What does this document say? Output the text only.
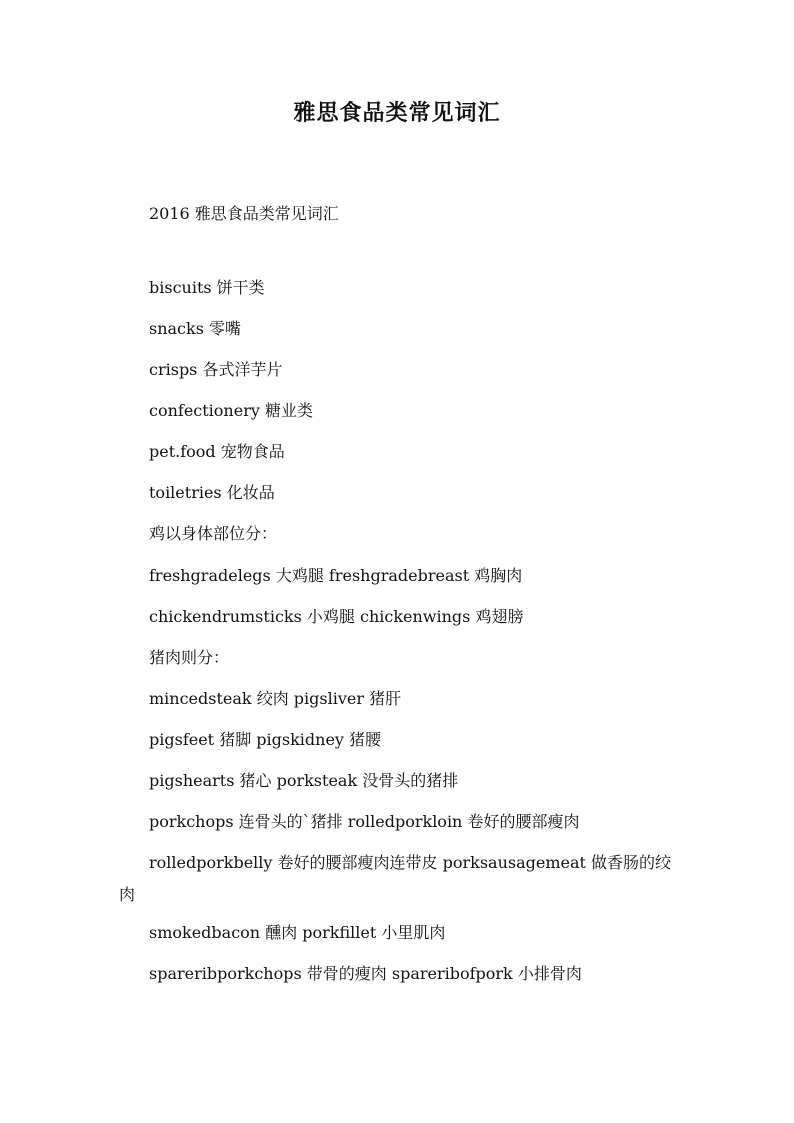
雅思食品类常见词汇
2016 雅思食品类常见词汇
biscuits 饼干类
snacks 零嘴
crisps 各式洋芋片
confectionery 糖业类
pet.food 宠物食品
toiletries 化妆品
鸡以身体部位分：
freshgradelegs 大鸡腿 freshgradebreast 鸡胸肉
chickendrumsticks 小鸡腿 chickenwings 鸡翅膀
猪肉则分：
mincedsteak 绞肉 pigsliver 猪肝
pigsfeet 猪脚 pigskidney 猪腰
pigshearts 猪心 porksteak 没骨头的猪排
porkchops 连骨头的`猪排 rolledporkloin 卷好的腰部瘦肉
rolledporkbelly 卷好的腰部瘦肉连带皮 porksausagemeat 做香肠的绞肉
smokedbacon 醺肉 porkfillet 小里肌肉
spareribporkchops 带骨的瘦肉 spareribofpork 小排骨肉
